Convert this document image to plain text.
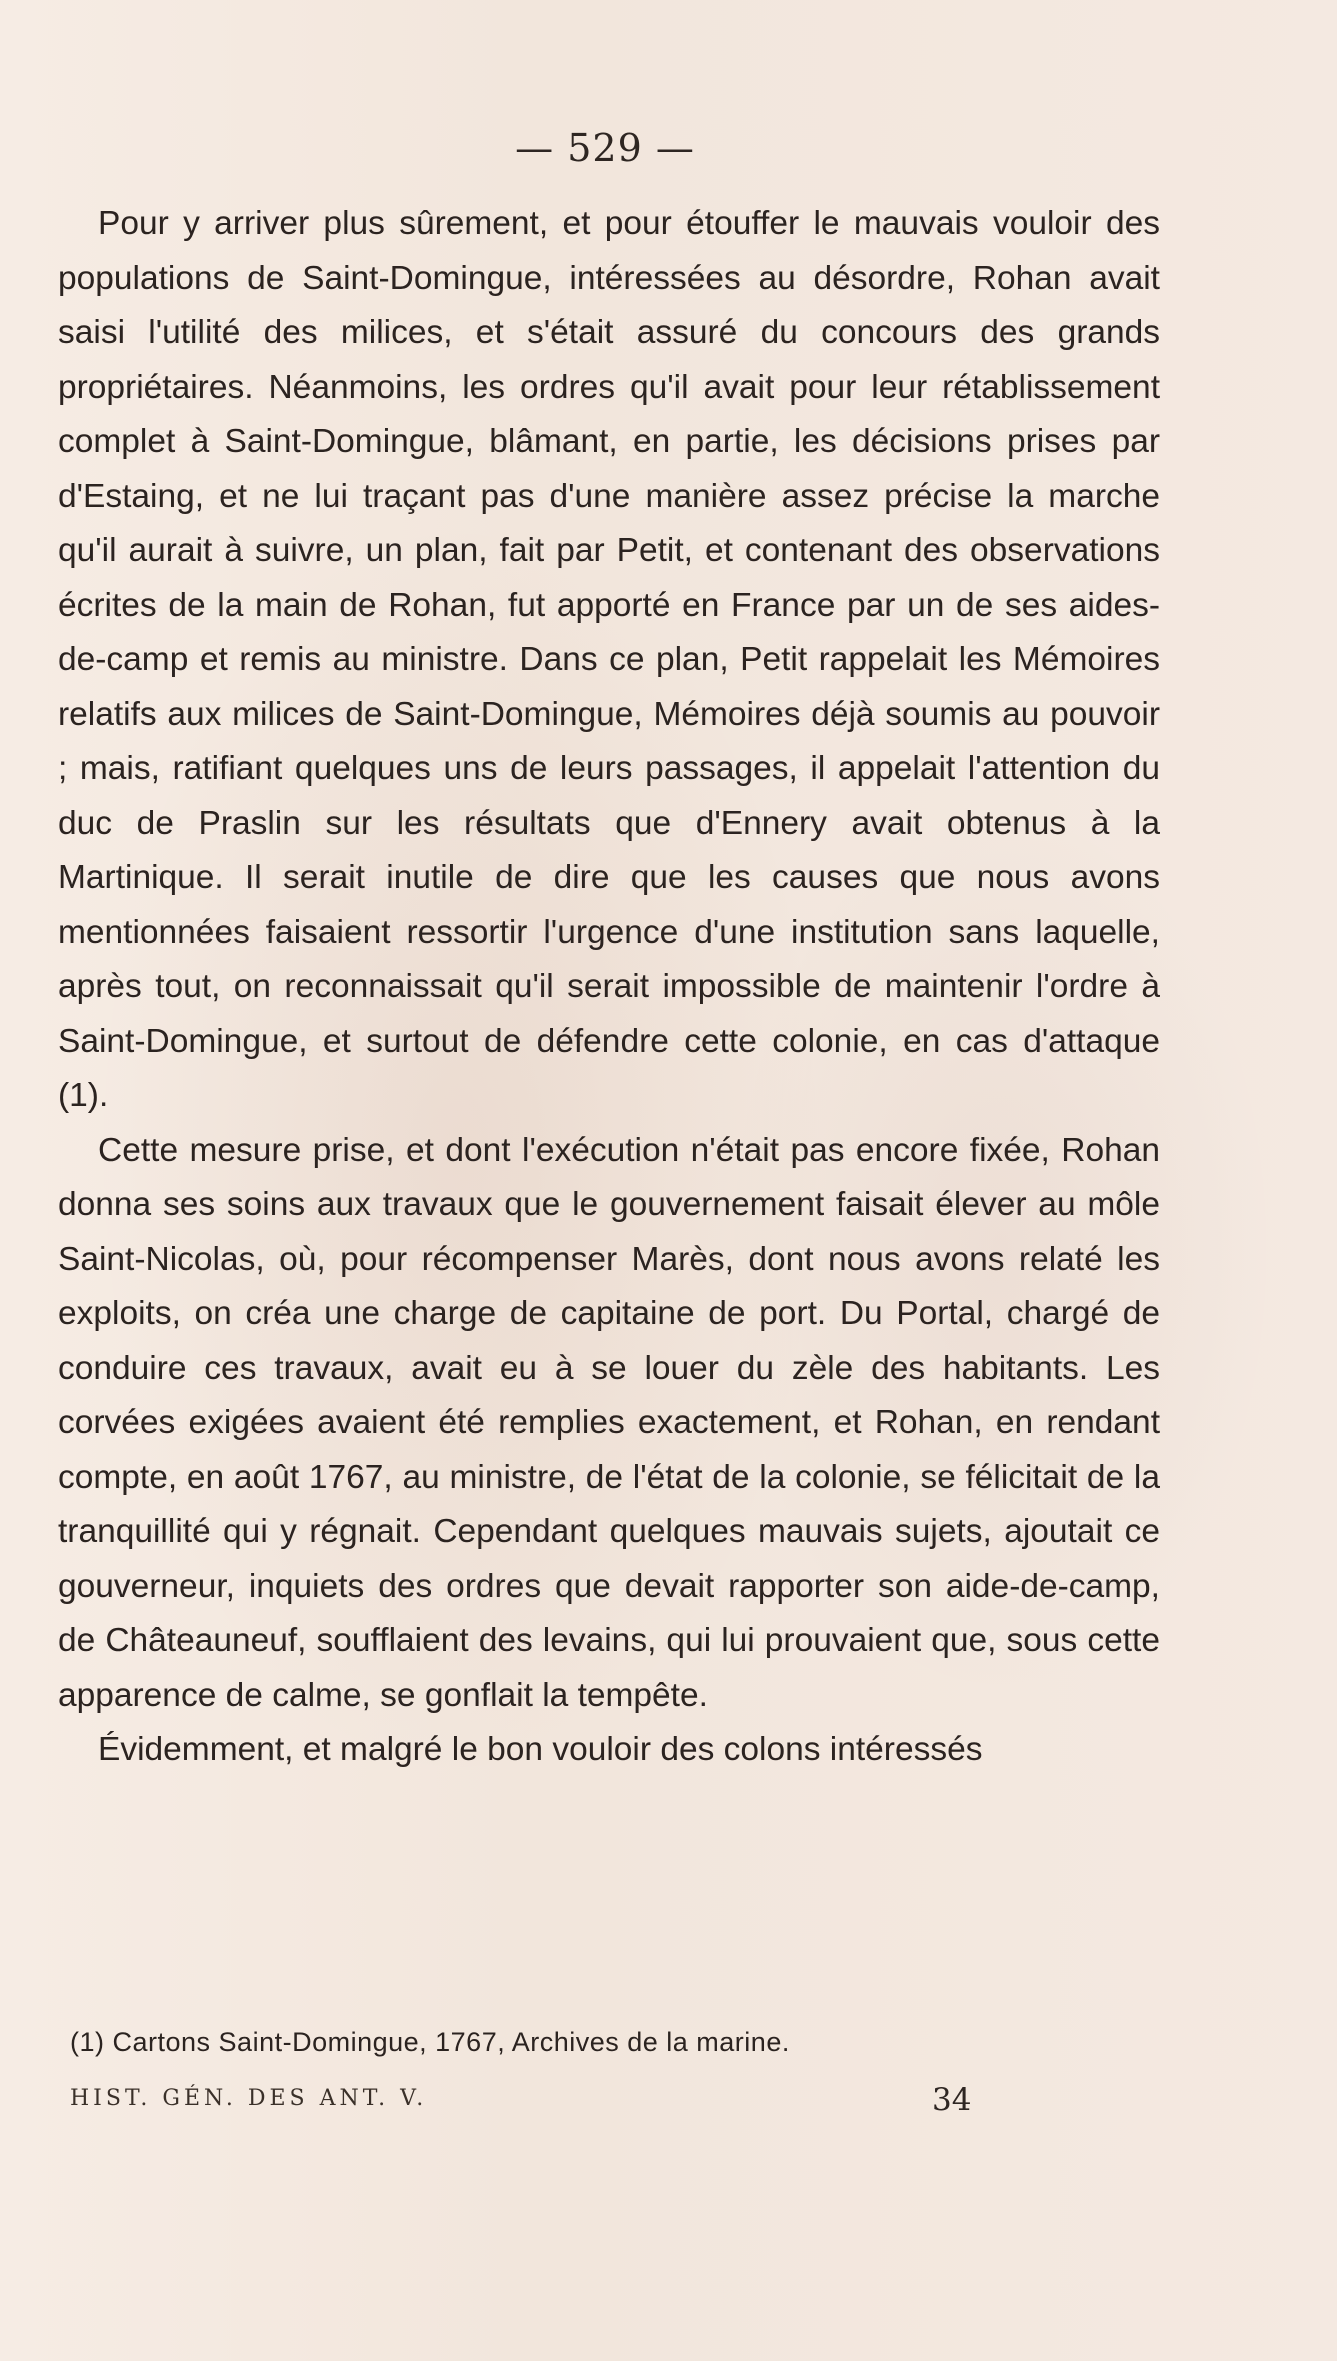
— 529 —

Pour y arriver plus sûrement, et pour étouffer le mauvais vouloir des populations de Saint-Domingue, intéressées au désordre, Rohan avait saisi l'utilité des milices, et s'était assuré du concours des grands propriétaires. Néanmoins, les ordres qu'il avait pour leur rétablissement complet à Saint-Domingue, blâmant, en partie, les décisions prises par d'Estaing, et ne lui traçant pas d'une manière assez précise la marche qu'il aurait à suivre, un plan, fait par Petit, et contenant des observations écrites de la main de Rohan, fut apporté en France par un de ses aides-de-camp et remis au ministre. Dans ce plan, Petit rappelait les Mémoires relatifs aux milices de Saint-Domingue, Mémoires déjà soumis au pouvoir ; mais, ratifiant quelques uns de leurs passages, il appelait l'attention du duc de Praslin sur les résultats que d'Ennery avait obtenus à la Martinique. Il serait inutile de dire que les causes que nous avons mentionnées faisaient ressortir l'urgence d'une institution sans laquelle, après tout, on reconnaissait qu'il serait impossible de maintenir l'ordre à Saint-Domingue, et surtout de défendre cette colonie, en cas d'attaque (1).

Cette mesure prise, et dont l'exécution n'était pas encore fixée, Rohan donna ses soins aux travaux que le gouvernement faisait élever au môle Saint-Nicolas, où, pour récompenser Marès, dont nous avons relaté les exploits, on créa une charge de capitaine de port. Du Portal, chargé de conduire ces travaux, avait eu à se louer du zèle des habitants. Les corvées exigées avaient été remplies exactement, et Rohan, en rendant compte, en août 1767, au ministre, de l'état de la colonie, se félicitait de la tranquillité qui y régnait. Cependant quelques mauvais sujets, ajoutait ce gouverneur, inquiets des ordres que devait rapporter son aide-de-camp, de Châteauneuf, soufflaient des levains, qui lui prouvaient que, sous cette apparence de calme, se gonflait la tempête.

Évidemment, et malgré le bon vouloir des colons intéressés

(1) Cartons Saint-Domingue, 1767, Archives de la marine.
HIST. GÉN. DES ANT. V.	34
